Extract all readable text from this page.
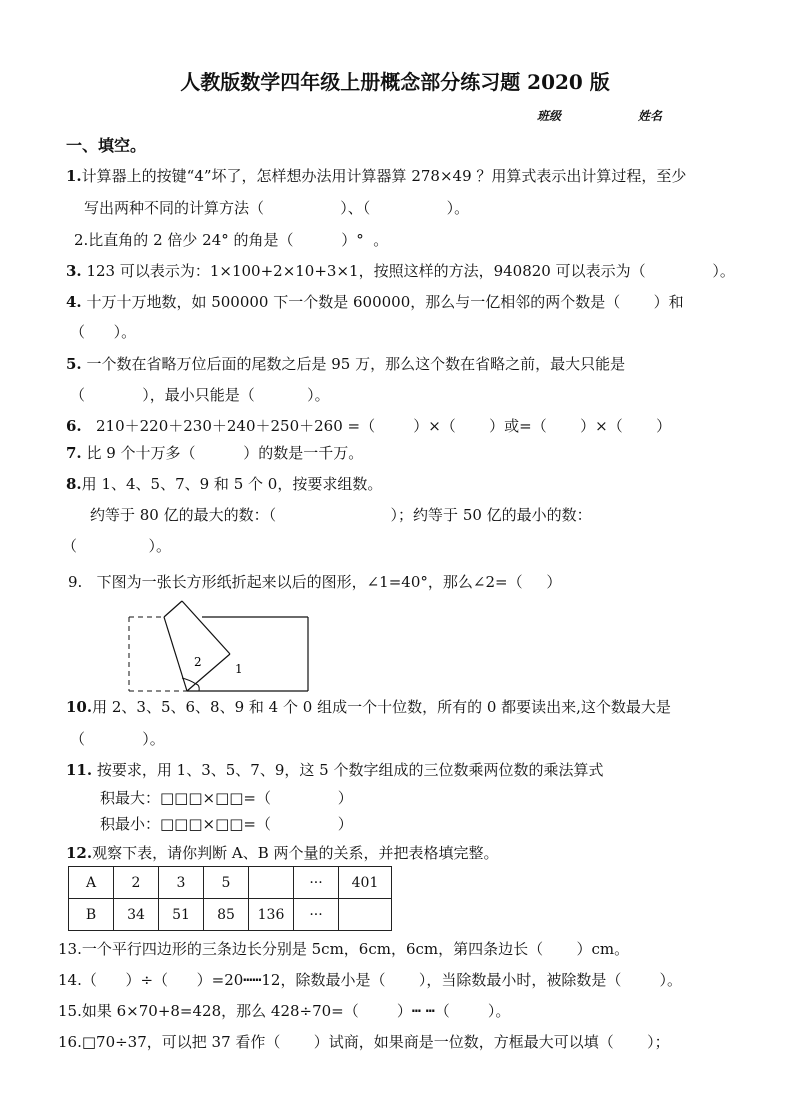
人教版数学四年级上册概念部分练习题 2020 版
班级	姓名
一、填空。
1.计算器上的按键“4”坏了，怎样想办法用计算器算 278×49 ？用算式表示出计算过程，至少
写出两种不同的计算方法（                ）、（                ）。
2.比直角的 2 倍少 24° 的角是（          ）°  。
3. 123 可以表示为：1×100+2×10+3×1，按照这样的方法，940820 可以表示为（              ）。
4. 十万十万地数，如 500000 下一个数是 600000，那么与一亿相邻的两个数是（       ）和
（      ）。
5. 一个数在省略万位后面的尾数之后是 95 万，那么这个数在省略之前，最大只能是
（            ），最小只能是（           ）。
6.   210＋220＋230＋240＋250＋260 =（        ）×（       ）或=（       ）×（       ）
7. 比 9 个十万多（          ）的数是一千万。
8.用 1、4、5、7、9 和 5 个 0，按要求组数。
约等于 80 亿的最大的数：（                        ）；约等于 50 亿的最小的数：
（               ）。
9.   下图为一张长方形纸折起来以后的图形，∠1=40°，那么∠2=（     ）
2	1
10.用 2、3、5、6、8、9 和 4 个 0 组成一个十位数，所有的 0 都要读出来,这个数最大是
（            ）。
11. 按要求，用 1、3、5、7、9，这 5 个数字组成的三位数乘两位数的乘法算式
积最大：□□□×□□=（              ）
积最小：□□□×□□=（              ）
12.观察下表，请你判断 A、B 两个量的关系，并把表格填完整。
A	2	3	5		···	401
B	34	51	85	136	···	
13.一个平行四边形的三条边长分别是 5cm，6cm，6cm，第四条边长（       ）cm。
14.（      ）÷（      ）=20┅┅12，除数最小是（       ），当除数最小时，被除数是（        ）。
15.如果 6×70+8=428，那么 428÷70=（        ）┅ ┅（        ）。
16.□70÷37，可以把 37 看作（       ）试商，如果商是一位数，方框最大可以填（       ）；
